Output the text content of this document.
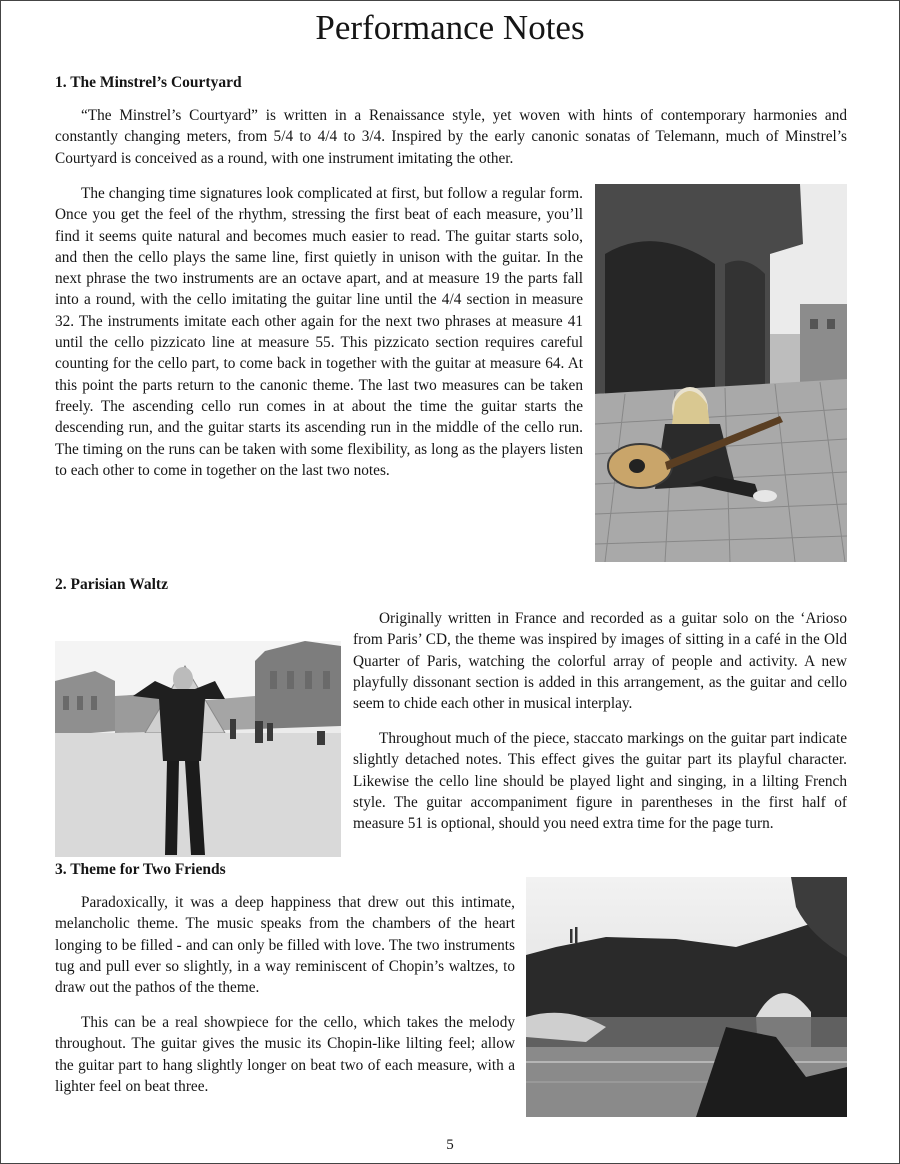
Performance Notes
1. The Minstrel’s Courtyard

“The Minstrel’s Courtyard” is written in a Renaissance style, yet woven with hints of contemporary harmonies and constantly changing meters, from 5/4 to 4/4 to 3/4. Inspired by the early canonic sonatas of Telemann, much of Minstrel’s Courtyard is conceived as a round, with one instrument imitating the other.

The changing time signatures look complicated at first, but follow a regular form. Once you get the feel of the rhythm, stressing the first beat of each measure, you’ll find it seems quite natural and becomes much easier to read. The guitar starts solo, and then the cello plays the same line, first quietly in unison with the guitar. In the next phrase the two instruments are an octave apart, and at measure 19 the parts fall into a round, with the cello imitating the guitar line until the 4/4 section in measure 32. The instruments imitate each other again for the next two phrases at measure 41 until the cello pizzicato line at measure 55. This pizzicato section requires careful counting for the cello part, to come back in together with the guitar at measure 64. At this point the parts return to the canonic theme. The last two measures can be taken freely. The ascending cello run comes in at about the time the guitar starts the descending run, and the guitar starts its ascending run in the middle of the cello run. The timing on the runs can be taken with some flexibility, as long as the players listen to each other to come in together on the last two notes.

2. Parisian Waltz

Originally written in France and recorded as a guitar solo on the ‘Arioso from Paris’ CD, the theme was inspired by images of sitting in a café in the Old Quarter of Paris, watching the colorful array of people and activity. A new playfully dissonant section is added in this arrangement, as the guitar and cello seem to chide each other in musical interplay.

Throughout much of the piece, staccato markings on the guitar part indicate slightly detached notes. This effect gives the guitar part its playful character. Likewise the cello line should be played light and singing, in a lilting French style. The guitar accompaniment figure in parentheses in the first half of measure 51 is optional, should you need extra time for the page turn.

3. Theme for Two Friends

Paradoxically, it was a deep happiness that drew out this intimate, melancholic theme. The music speaks from the chambers of the heart longing to be filled - and can only be filled with love. The two instruments tug and pull ever so slightly, in a way reminiscent of Chopin’s waltzes, to draw out the pathos of the theme.

This can be a real showpiece for the cello, which takes the melody throughout. The guitar gives the music its Chopin-like lilting feel; allow the guitar part to hang slightly longer on beat two of each measure, with a lighter feel on beat three.

5
